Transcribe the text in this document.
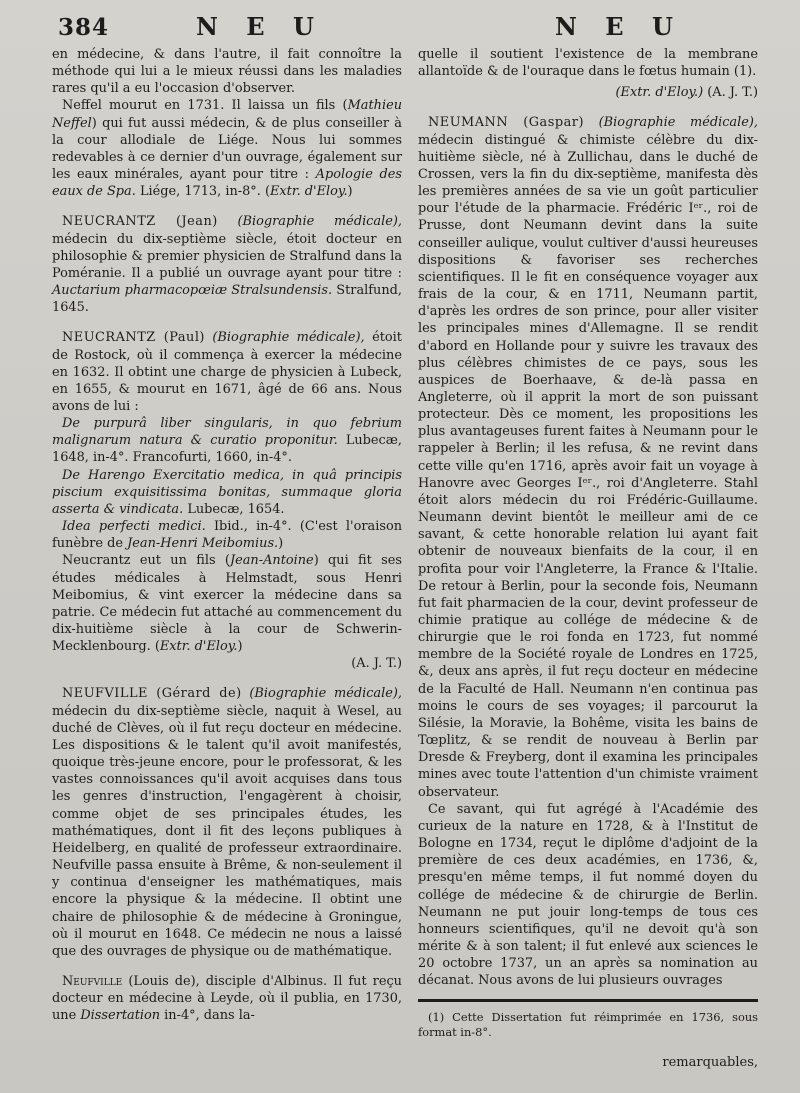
384	N E U	N E U

en médecine, & dans l'autre, il fait connoître la méthode qui lui a le mieux réussi dans les maladies rares qu'il a eu l'occasion d'observer.

Neffel mourut en 1731. Il laissa un fils (Mathieu Neffel) qui fut aussi médecin, & de plus conseiller à la cour allodiale de Liége. Nous lui sommes redevables à ce dernier d'un ouvrage, également sur les eaux minérales, ayant pour titre : Apologie des eaux de Spa. Liége, 1713, in-8°. (Extr. d'Eloy.)

NEUCRANTZ (Jean) (Biographie médicale), médecin du dix-septième siècle, étoit docteur en philosophie & premier physicien de Stralfund dans la Poméranie. Il a publié un ouvrage ayant pour titre : Auctarium pharmacopœiæ Stralsundensis. Stralfund, 1645.

NEUCRANTZ (Paul) (Biographie médicale), étoit de Rostock, où il commença à exercer la médecine en 1632. Il obtint une charge de physicien à Lubeck, en 1655, & mourut en 1671, âgé de 66 ans. Nous avons de lui :

De purpurâ liber singularis, in quo febrium malignarum natura & curatio proponitur. Lubecæ, 1648, in-4°. Francofurti, 1660, in-4°.

De Harengo Exercitatio medica, in quâ principis piscium exquisitissima bonitas, summaque gloria asserta & vindicata. Lubecæ, 1654.

Idea perfecti medici. Ibid., in-4°. (C'est l'oraison funèbre de Jean-Henri Meibomius.)

Neucrantz eut un fils (Jean-Antoine) qui fit ses études médicales à Helmstadt, sous Henri Meibomius, & vint exercer la médecine dans sa patrie. Ce médecin fut attaché au commencement du dix-huitième siècle à la cour de Schwerin-Mecklenbourg. (Extr. d'Eloy.)

(A. J. T.)

NEUFVILLE (Gérard de) (Biographie médicale), médecin du dix-septième siècle, naquit à Wesel, au duché de Clèves, où il fut reçu docteur en médecine. Les dispositions & le talent qu'il avoit manifestés, quoique très-jeune encore, pour le professorat, & les vastes connoissances qu'il avoit acquises dans tous les genres d'instruction, l'engagèrent à choisir, comme objet de ses principales études, les mathématiques, dont il fit des leçons publiques à Heidelberg, en qualité de professeur extraordinaire. Neufville passa ensuite à Brême, & non-seulement il y continua d'enseigner les mathématiques, mais encore la physique & la médecine. Il obtint une chaire de philosophie & de médecine à Groningue, où il mourut en 1648. Ce médecin ne nous a laissé que des ouvrages de physique ou de mathématique.

Neufville (Louis de), disciple d'Albinus. Il fut reçu docteur en médecine à Leyde, où il publia, en 1730, une Dissertation in-4°, dans la-

quelle il soutient l'existence de la membrane allantoïde & de l'ouraque dans le fœtus humain (1).

(Extr. d'Eloy.) (A. J. T.)

NEUMANN (Gaspar) (Biographie médicale), médecin distingué & chimiste célèbre du dix-huitième siècle, né à Zullichau, dans le duché de Crossen, vers la fin du dix-septième, manifesta dès les premières années de sa vie un goût particulier pour l'étude de la pharmacie. Frédéric Iᵉʳ., roi de Prusse, dont Neumann devint dans la suite conseiller aulique, voulut cultiver d'aussi heureuses dispositions & favoriser ses recherches scientifiques. Il le fit en conséquence voyager aux frais de la cour, & en 1711, Neumann partit, d'après les ordres de son prince, pour aller visiter les principales mines d'Allemagne. Il se rendit d'abord en Hollande pour y suivre les travaux des plus célèbres chimistes de ce pays, sous les auspices de Boerhaave, & de-là passa en Angleterre, où il apprit la mort de son puissant protecteur. Dès ce moment, les propositions les plus avantageuses furent faites à Neumann pour le rappeler à Berlin; il les refusa, & ne revint dans cette ville qu'en 1716, après avoir fait un voyage à Hanovre avec Georges Iᵉʳ., roi d'Angleterre. Stahl étoit alors médecin du roi Frédéric-Guillaume. Neumann devint bientôt le meilleur ami de ce savant, & cette honorable relation lui ayant fait obtenir de nouveaux bienfaits de la cour, il en profita pour voir l'Angleterre, la France & l'Italie. De retour à Berlin, pour la seconde fois, Neumann fut fait pharmacien de la cour, devint professeur de chimie pratique au collége de médecine & de chirurgie que le roi fonda en 1723, fut nommé membre de la Société royale de Londres en 1725, &, deux ans après, il fut reçu docteur en médecine de la Faculté de Hall. Neumann n'en continua pas moins le cours de ses voyages; il parcourut la Silésie, la Moravie, la Bohême, visita les bains de Tœplitz, & se rendit de nouveau à Berlin par Dresde & Freyberg, dont il examina les principales mines avec toute l'attention d'un chimiste vraiment observateur.

Ce savant, qui fut agrégé à l'Académie des curieux de la nature en 1728, & à l'Institut de Bologne en 1734, reçut le diplôme d'adjoint de la première de ces deux académies, en 1736, &, presqu'en même temps, il fut nommé doyen du collége de médecine & de chirurgie de Berlin. Neumann ne put jouir long-temps de tous ces honneurs scientifiques, qu'il ne devoit qu'à son mérite & à son talent; il fut enlevé aux sciences le 20 octobre 1737, un an après sa nomination au décanat. Nous avons de lui plusieurs ouvrages

(1) Cette Dissertation fut réimprimée en 1736, sous format in-8°.

remarquables,
